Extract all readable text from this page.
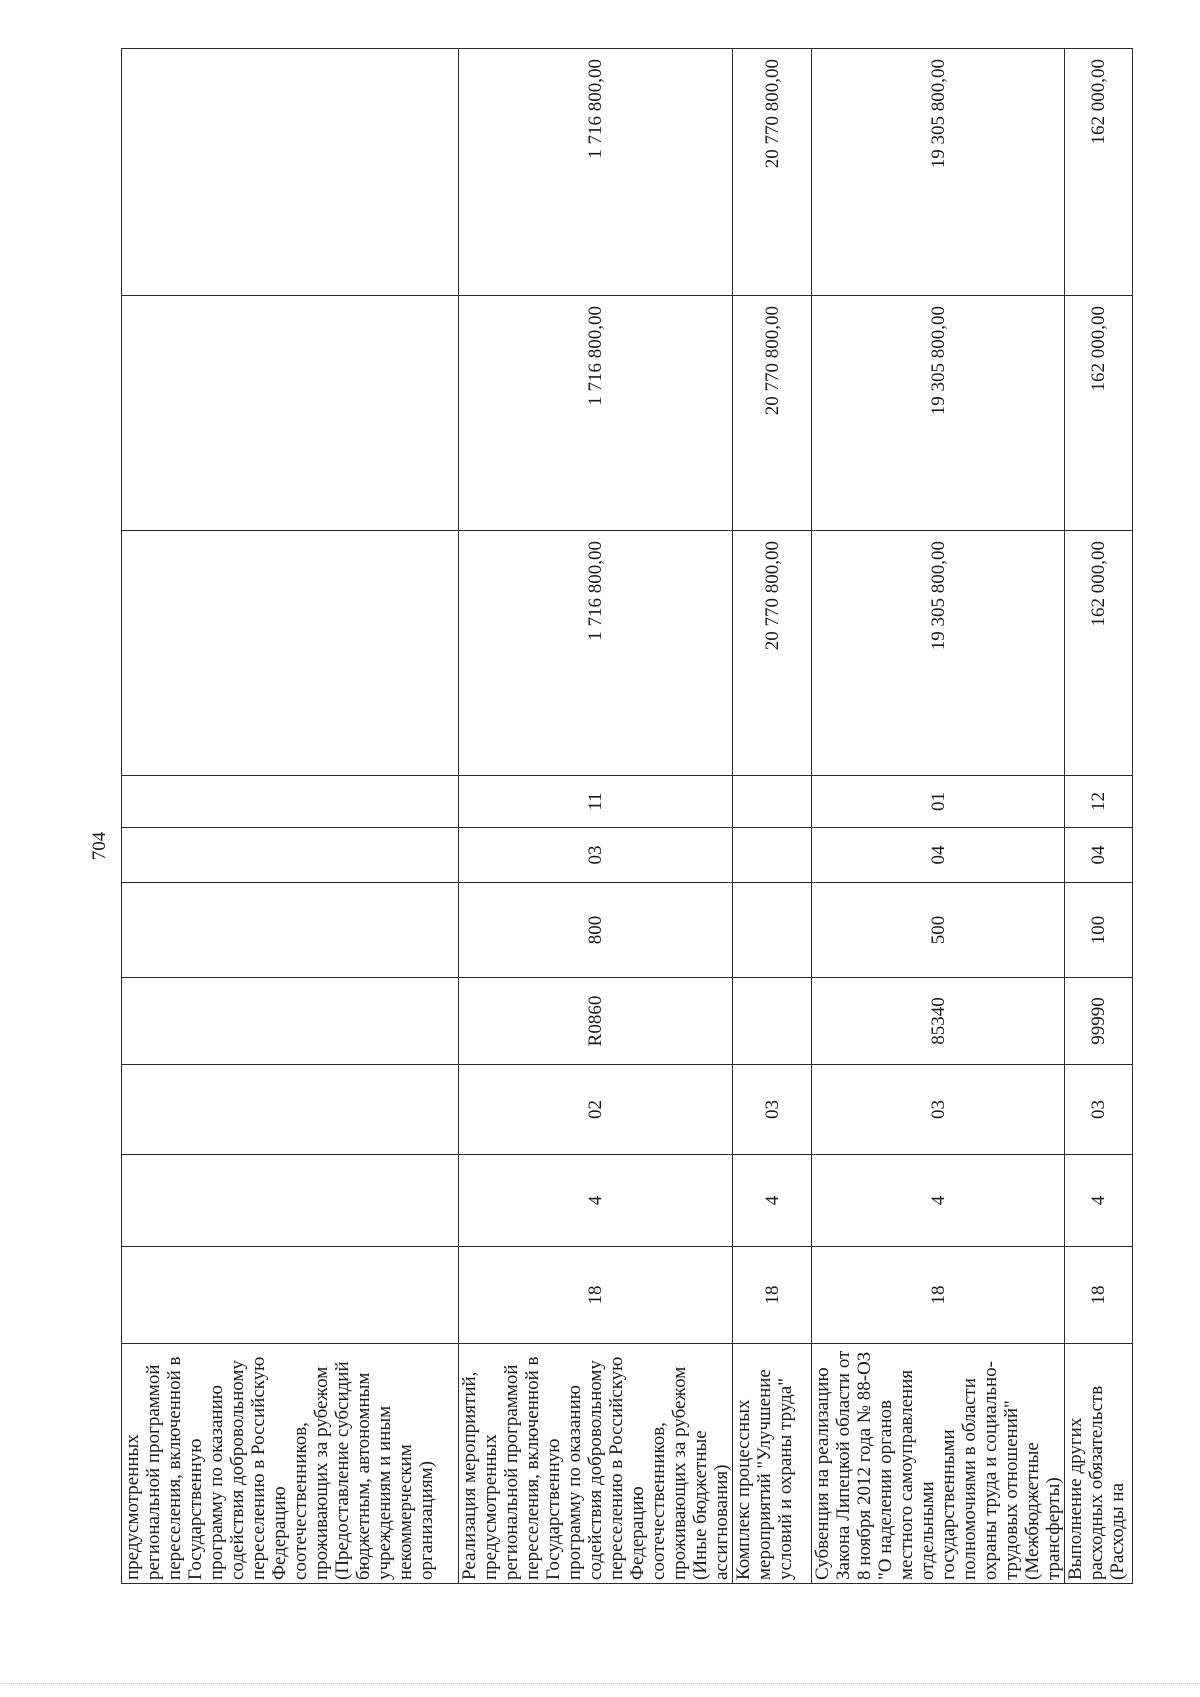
704
предусмотренных региональной программой переселения, включенной в Государственную программу по оказанию содействия добровольному переселению в Российскую Федерацию соотечественников, проживающих за рубежом (Предоставление субсидий бюджетным, автономным учреждениям и иным некоммерческим организациям)										
Реализация мероприятий, предусмотренных региональной программой переселения, включенной в Государственную программу по оказанию содействия добровольному переселению в Российскую Федерацию соотечественников, проживающих за рубежом (Иные бюджетные ассигнования)	18	4	02	R0860	800	03	11	1 716 800,00	1 716 800,00	1 716 800,00
Комплекс процессных мероприятий "Улучшение условий и охраны труда"	18	4	03					20 770 800,00	20 770 800,00	20 770 800,00
Субвенция на реализацию Закона Липецкой области от 8 ноября 2012 года № 88-ОЗ "О наделении органов местного самоуправления отдельными государственными полномочиями в области охраны труда и социально-трудовых отношений" (Межбюджетные трансферты)	18	4	03	85340	500	04	01	19 305 800,00	19 305 800,00	19 305 800,00
Выполнение других расходных обязательств (Расходы на	18	4	03	99990	100	04	12	162 000,00	162 000,00	162 000,00
